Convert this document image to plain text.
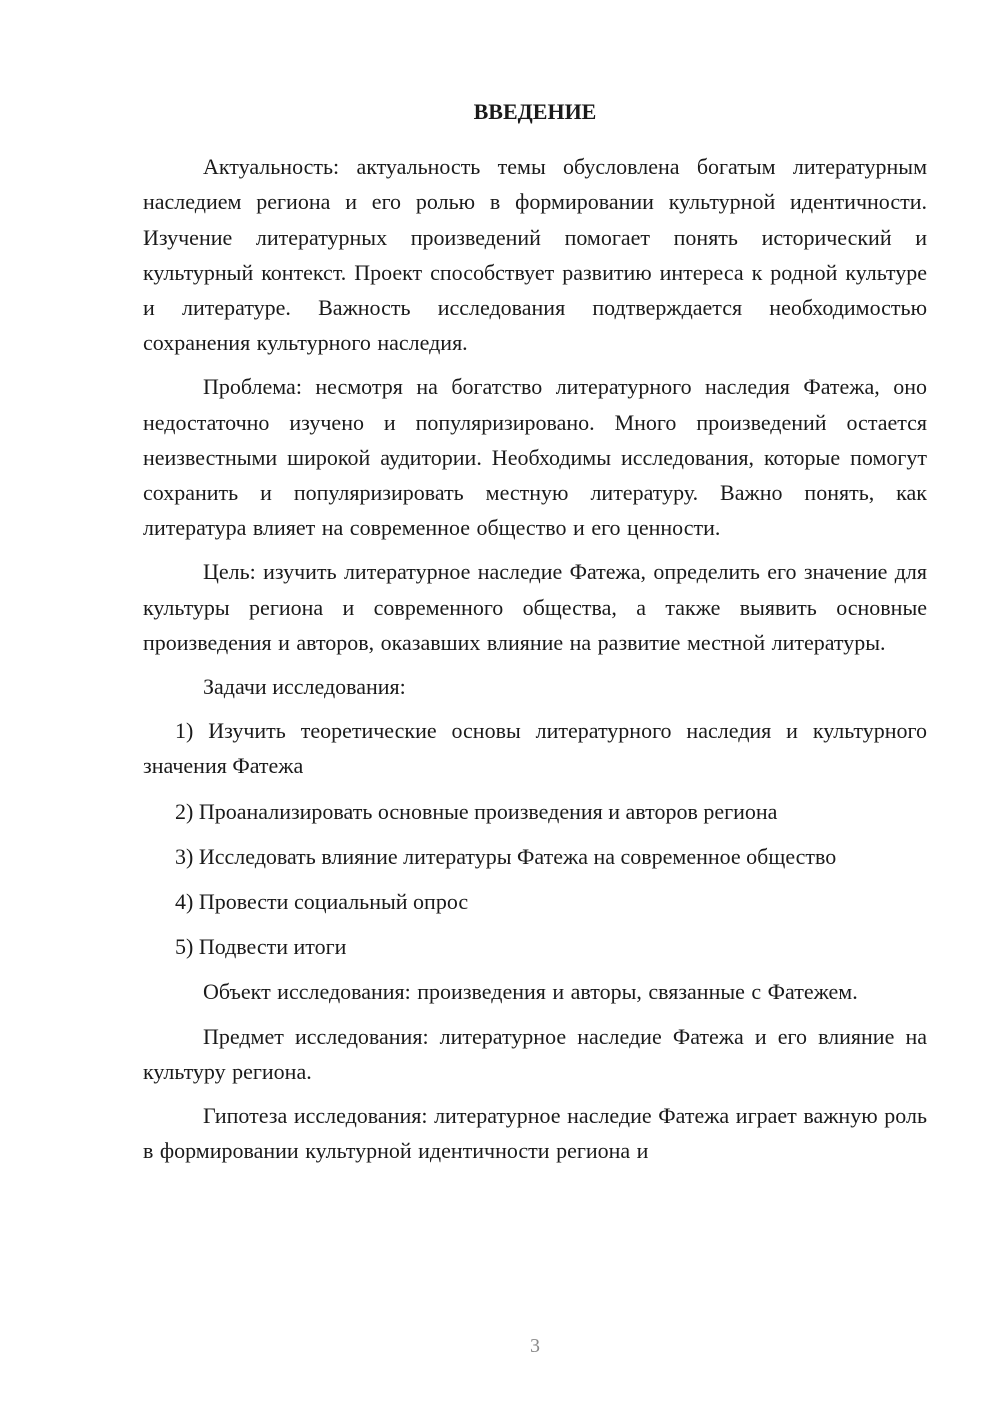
ВВЕДЕНИЕ

Актуальность: актуальность темы обусловлена богатым литературным наследием региона и его ролью в формировании культурной идентичности. Изучение литературных произведений помогает понять исторический и культурный контекст. Проект способствует развитию интереса к родной культуре и литературе. Важность исследования подтверждается необходимостью сохранения культурного наследия.

Проблема: несмотря на богатство литературного наследия Фатежа, оно недостаточно изучено и популяризировано. Много произведений остается неизвестными широкой аудитории. Необходимы исследования, которые помогут сохранить и популяризировать местную литературу. Важно понять, как литература влияет на современное общество и его ценности.

Цель: изучить литературное наследие Фатежа, определить его значение для культуры региона и современного общества, а также выявить основные произведения и авторов, оказавших влияние на развитие местной литературы.

Задачи исследования:

1) Изучить теоретические основы литературного наследия и культурного значения Фатежа

2) Проанализировать основные произведения и авторов региона

3) Исследовать влияние литературы Фатежа на современное общество

4) Провести социальный опрос

5) Подвести итоги

Объект исследования: произведения и авторы, связанные с Фатежем.

Предмет исследования: литературное наследие Фатежа и его влияние на культуру региона.

Гипотеза исследования: литературное наследие Фатежа играет важную роль в формировании культурной идентичности региона и

3
